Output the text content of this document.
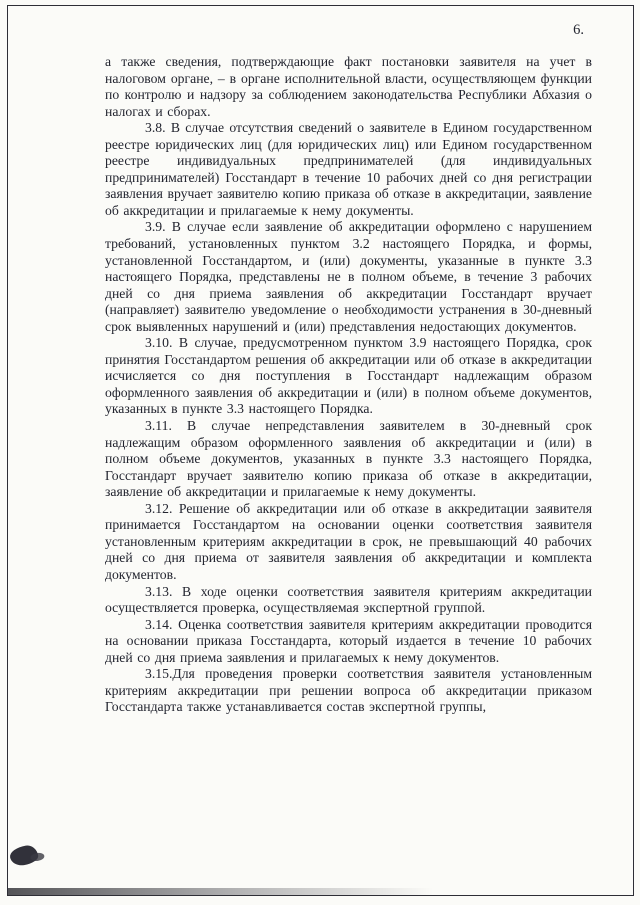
6.

а также сведения, подтверждающие факт постановки заявителя на учет в налоговом органе, – в органе исполнительной власти, осуществляющем функции по контролю и надзору за соблюдением законодательства Республики Абхазия о налогах и сборах.

3.8. В случае отсутствия сведений о заявителе в Едином государственном реестре юридических лиц (для юридических лиц) или Едином государственном реестре индивидуальных предпринимателей (для индивидуальных предпринимателей) Госстандарт в течение 10 рабочих дней со дня регистрации заявления вручает заявителю копию приказа об отказе в аккредитации, заявление об аккредитации и прилагаемые к нему документы.

3.9. В случае если заявление об аккредитации оформлено с нарушением требований, установленных пунктом 3.2 настоящего Порядка, и формы, установленной Госстандартом, и (или) документы, указанные в пункте 3.3 настоящего Порядка, представлены не в полном объеме, в течение 3 рабочих дней со дня приема заявления об аккредитации Госстандарт вручает (направляет) заявителю уведомление о необходимости устранения в 30-дневный срок выявленных нарушений и (или) представления недостающих документов.

3.10. В случае, предусмотренном пунктом 3.9 настоящего Порядка, срок принятия Госстандартом решения об аккредитации или об отказе в аккредитации исчисляется со дня поступления в Госстандарт надлежащим образом оформленного заявления об аккредитации и (или) в полном объеме документов, указанных в пункте 3.3 настоящего Порядка.

3.11. В случае непредставления заявителем в 30-дневный срок надлежащим образом оформленного заявления об аккредитации и (или) в полном объеме документов, указанных в пункте 3.3 настоящего Порядка, Госстандарт вручает заявителю копию приказа об отказе в аккредитации, заявление об аккредитации и прилагаемые к нему документы.

3.12. Решение об аккредитации или об отказе в аккредитации заявителя принимается Госстандартом на основании оценки соответствия заявителя установленным критериям аккредитации в срок, не превышающий 40 рабочих дней со дня приема от заявителя заявления об аккредитации и комплекта документов.

3.13. В ходе оценки соответствия заявителя критериям аккредитации осуществляется проверка, осуществляемая экспертной группой.

3.14. Оценка соответствия заявителя критериям аккредитации проводится на основании приказа Госстандарта, который издается в течение 10 рабочих дней со дня приема заявления и прилагаемых к нему документов.

3.15.Для проведения проверки соответствия заявителя установленным критериям аккредитации при решении вопроса об аккредитации приказом Госстандарта также устанавливается состав экспертной группы,
